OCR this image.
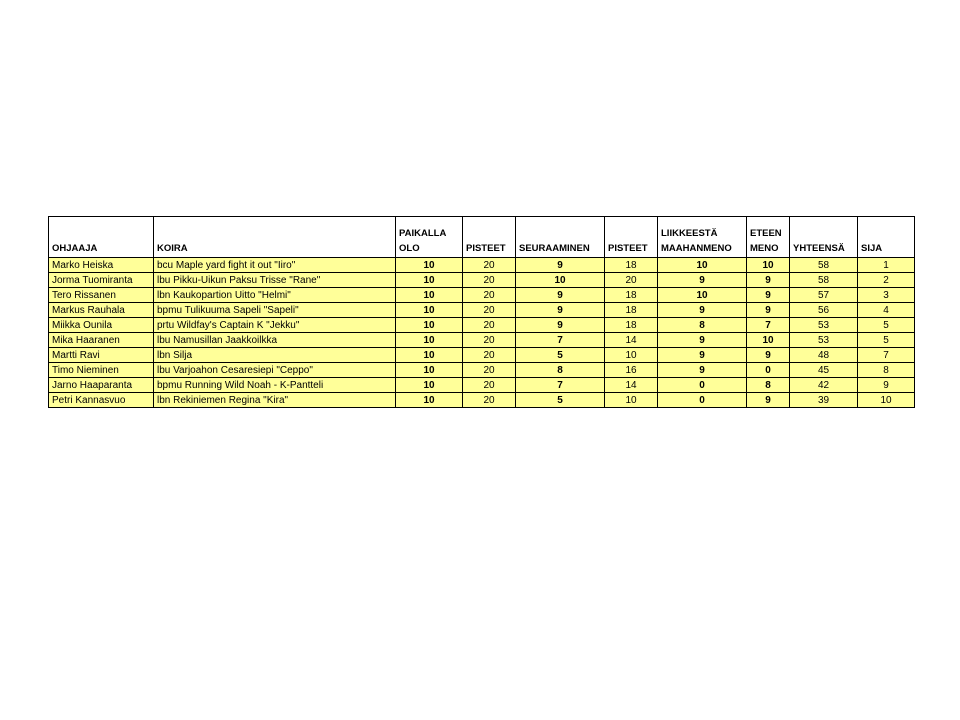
OHJAAJA	KOIRA	PAIKALLA OLO	PISTEET	SEURAAMINEN	PISTEET	LIIKKEESTÄ MAAHANMENO	ETEEN MENO	YHTEENSÄ	SIJA
Marko Heiska	bcu Maple yard fight it out "Iiro"	10	20	9	18	10	10	58	1
Jorma Tuomiranta	lbu Pikku-Uikun Paksu Trisse "Rane"	10	20	10	20	9	9	58	2
Tero Rissanen	lbn Kaukopartion Uitto "Helmi"	10	20	9	18	10	9	57	3
Markus Rauhala	bpmu Tulikuuma Sapeli "Sapeli"	10	20	9	18	9	9	56	4
Miikka Ounila	prtu Wildfay's Captain K "Jekku"	10	20	9	18	8	7	53	5
Mika Haaranen	lbu Namusillan Jaakkoilkka	10	20	7	14	9	10	53	5
Martti Ravi	lbn Silja	10	20	5	10	9	9	48	7
Timo Nieminen	lbu Varjoahon Cesaresiepi "Ceppo"	10	20	8	16	9	0	45	8
Jarno Haaparanta	bpmu Running Wild Noah - K-Pantteli	10	20	7	14	0	8	42	9
Petri Kannasvuo	lbn Rekiniemen Regina "Kira"	10	20	5	10	0	9	39	10
